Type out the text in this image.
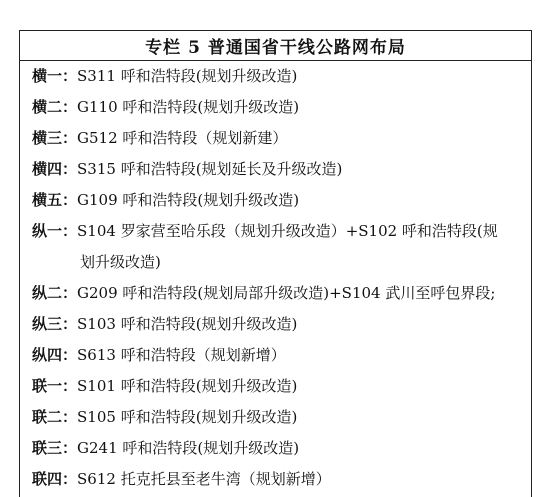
专栏 5 普通国省干线公路网布局
横一：S311 呼和浩特段(规划升级改造)
横二：G110 呼和浩特段(规划升级改造)
横三：G512 呼和浩特段（规划新建）
横四：S315 呼和浩特段(规划延长及升级改造)
横五：G109 呼和浩特段(规划升级改造)
纵一：S104 罗家营至哈乐段（规划升级改造）+S102 呼和浩特段(规
划升级改造)
纵二：G209 呼和浩特段(规划局部升级改造)+S104 武川至呼包界段;
纵三：S103 呼和浩特段(规划升级改造)
纵四：S613 呼和浩特段（规划新增）
联一：S101 呼和浩特段(规划升级改造)
联二：S105 呼和浩特段(规划升级改造)
联三：G241 呼和浩特段(规划升级改造)
联四：S612 托克托县至老牛湾（规划新增）
